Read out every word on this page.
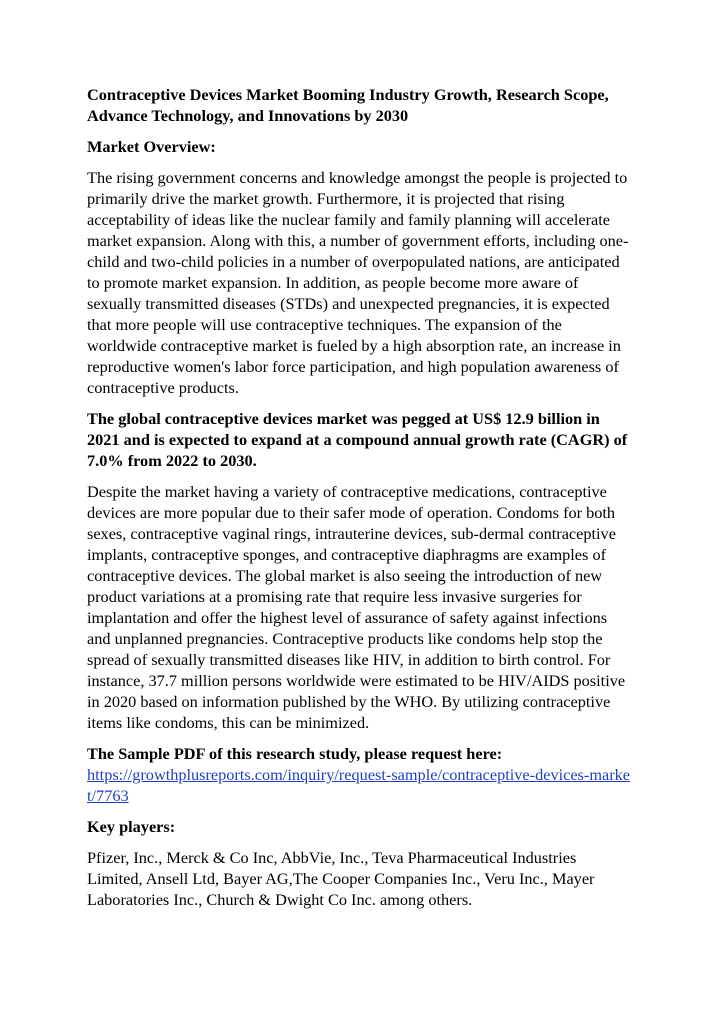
Contraceptive Devices Market Booming Industry Growth, Research Scope, Advance Technology, and Innovations by 2030
Market Overview:
The rising government concerns and knowledge amongst the people is projected to primarily drive the market growth. Furthermore, it is projected that rising acceptability of ideas like the nuclear family and family planning will accelerate market expansion. Along with this, a number of government efforts, including one-child and two-child policies in a number of overpopulated nations, are anticipated to promote market expansion. In addition, as people become more aware of sexually transmitted diseases (STDs) and unexpected pregnancies, it is expected that more people will use contraceptive techniques. The expansion of the worldwide contraceptive market is fueled by a high absorption rate, an increase in reproductive women's labor force participation, and high population awareness of contraceptive products.
The global contraceptive devices market was pegged at US$ 12.9 billion in 2021 and is expected to expand at a compound annual growth rate (CAGR) of 7.0% from 2022 to 2030.
Despite the market having a variety of contraceptive medications, contraceptive devices are more popular due to their safer mode of operation. Condoms for both sexes, contraceptive vaginal rings, intrauterine devices, sub-dermal contraceptive implants, contraceptive sponges, and contraceptive diaphragms are examples of contraceptive devices. The global market is also seeing the introduction of new product variations at a promising rate that require less invasive surgeries for implantation and offer the highest level of assurance of safety against infections and unplanned pregnancies. Contraceptive products like condoms help stop the spread of sexually transmitted diseases like HIV, in addition to birth control. For instance, 37.7 million persons worldwide were estimated to be HIV/AIDS positive in 2020 based on information published by the WHO. By utilizing contraceptive items like condoms, this can be minimized.
The Sample PDF of this research study, please request here:
https://growthplusreports.com/inquiry/request-sample/contraceptive-devices-market/7763
Key players:
Pfizer, Inc., Merck & Co Inc, AbbVie, Inc., Teva Pharmaceutical Industries Limited, Ansell Ltd, Bayer AG,The Cooper Companies Inc., Veru Inc., Mayer Laboratories Inc., Church & Dwight Co Inc. among others.
